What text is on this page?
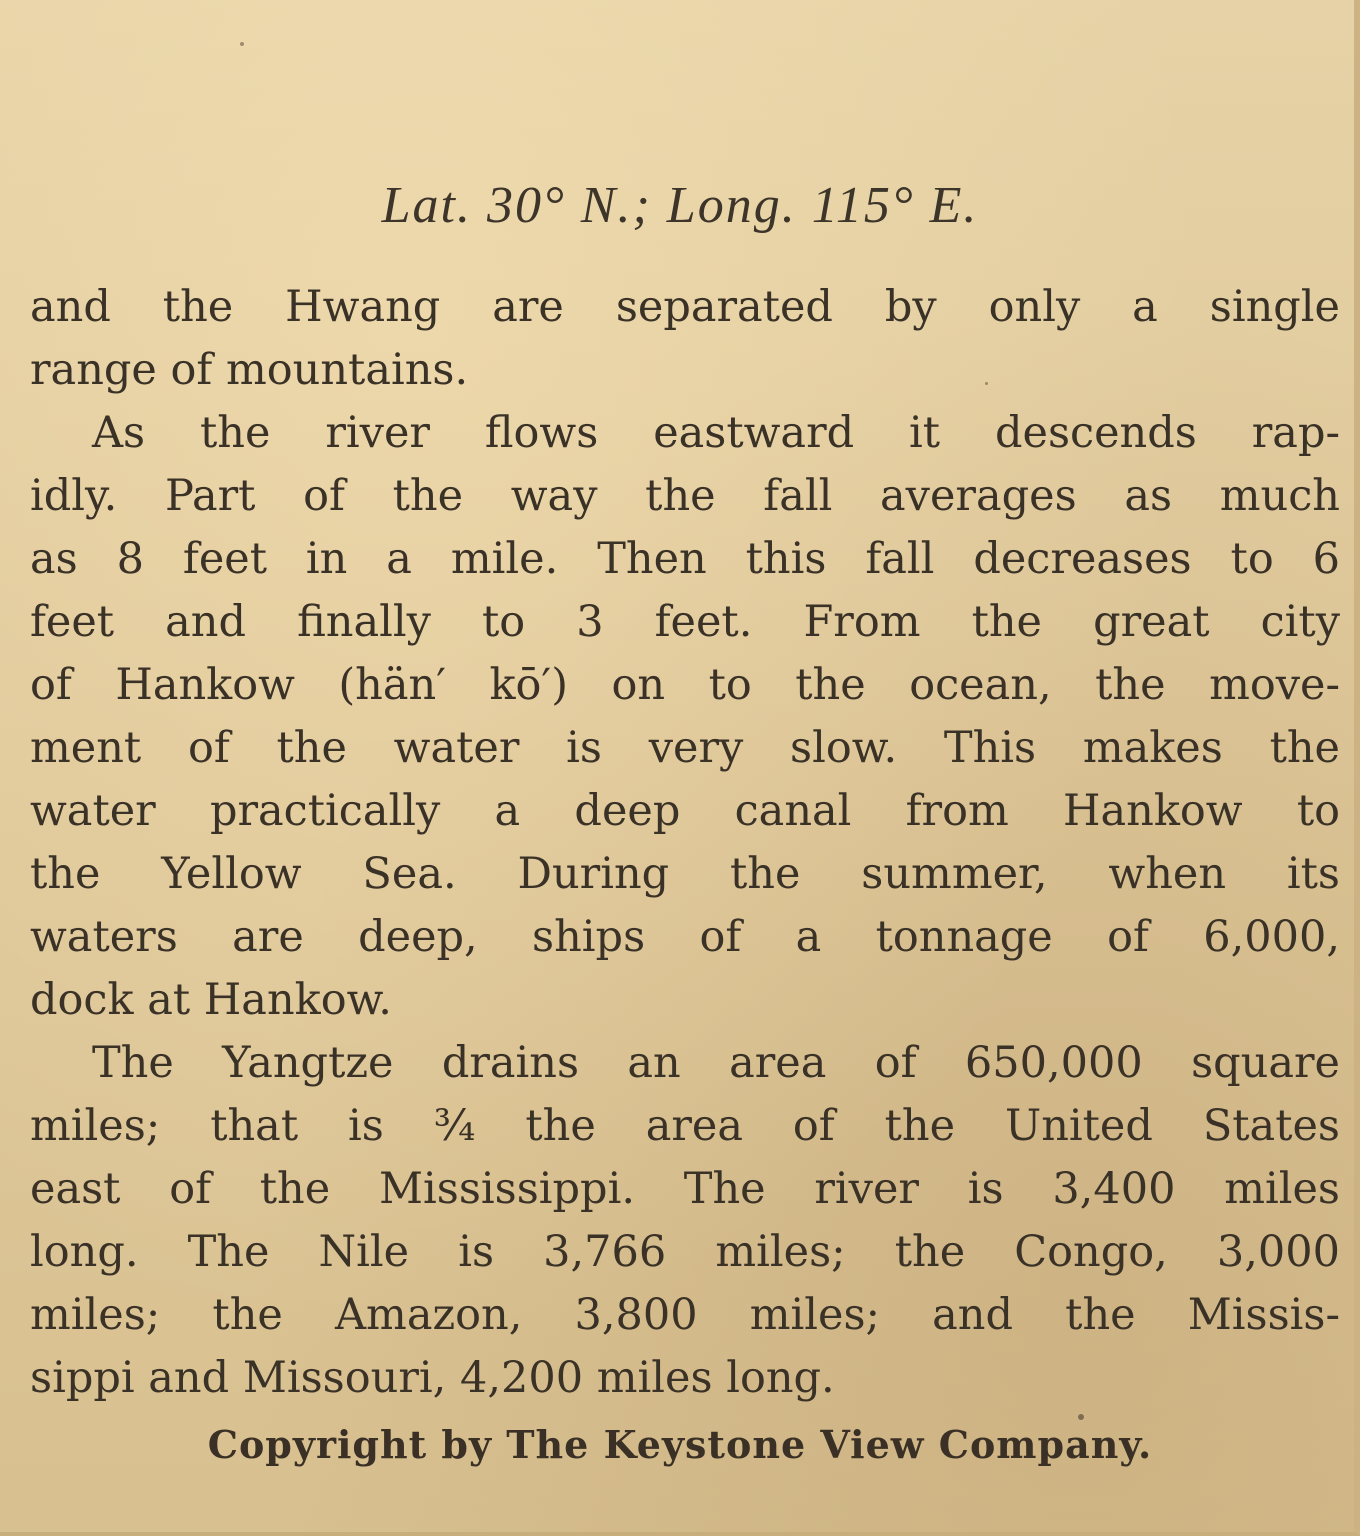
Lat. 30° N.; Long. 115° E.
and the Hwang are separated by only a single
range of mountains.
As the river flows eastward it descends rap-
idly. Part of the way the fall averages as much
as 8 feet in a mile. Then this fall decreases to 6
feet and finally to 3 feet. From the great city
of Hankow (hän′ kō′) on to the ocean, the move-
ment of the water is very slow. This makes the
water practically a deep canal from Hankow to
the Yellow Sea. During the summer, when its
waters are deep, ships of a tonnage of 6,000,
dock at Hankow.
The Yangtze drains an area of 650,000 square
miles; that is ¾ the area of the United States
east of the Mississippi. The river is 3,400 miles
long. The Nile is 3,766 miles; the Congo, 3,000
miles; the Amazon, 3,800 miles; and the Missis-
sippi and Missouri, 4,200 miles long.
Copyright by The Keystone View Company.
